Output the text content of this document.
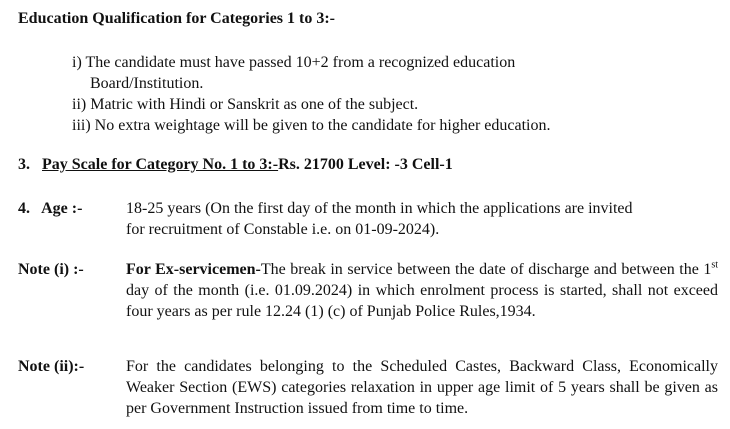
Education Qualification for Categories 1 to 3:-
i) The candidate must have passed 10+2 from a recognized education
Board/Institution.
ii) Matric with Hindi or Sanskrit as one of the subject.
iii) No extra weightage will be given to the candidate for higher education.
3. Pay Scale for Category No. 1 to 3:-Rs. 21700 Level: -3 Cell-1
4.   Age :-	18-25 years (On the first day of the month in which the applications are invited
for recruitment of Constable i.e. on 01-09-2024).
Note (i) :-	For Ex-servicemen-The break in service between the date of discharge and between the 1st day of the month (i.e. 01.09.2024) in which enrolment process is started, shall not exceed four years as per rule 12.24 (1) (c) of Punjab Police Rules,1934.
Note (ii):-	For the candidates belonging to the Scheduled Castes, Backward Class, Economically Weaker Section (EWS) categories relaxation in upper age limit of 5 years shall be given as per Government Instruction issued from time to time.
